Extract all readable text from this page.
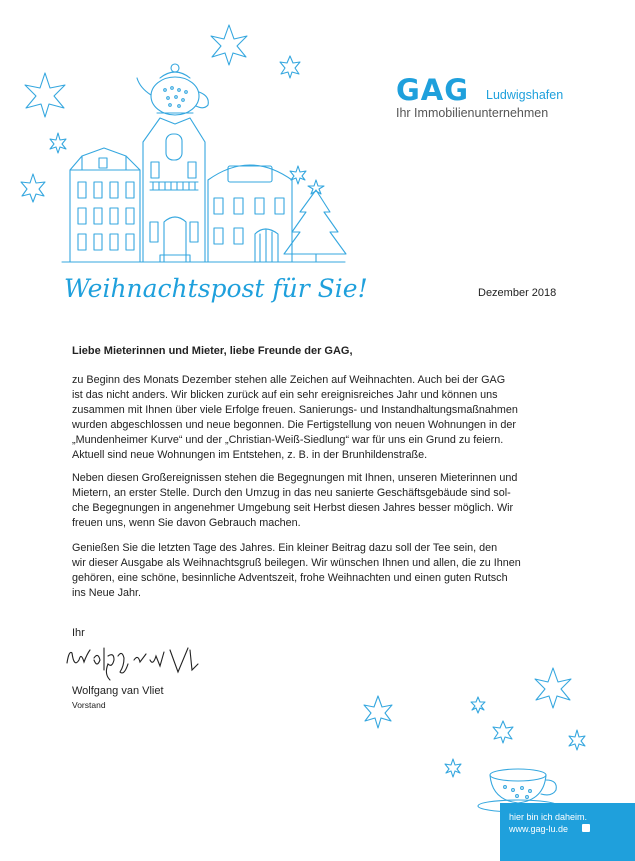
GAG Ludwigshafen
Ihr Immobilienunternehmen
Weihnachtspost für Sie!	Dezember 2018
Liebe Mieterinnen und Mieter, liebe Freunde der GAG,
zu Beginn des Monats Dezember stehen alle Zeichen auf Weihnachten. Auch bei der GAG
ist das nicht anders. Wir blicken zurück auf ein sehr ereignisreiches Jahr und können uns
zusammen mit Ihnen über viele Erfolge freuen. Sanierungs- und Instandhaltungsmaßnahmen
wurden abgeschlossen und neue begonnen. Die Fertigstellung von neuen Wohnungen in der
„Mundenheimer Kurve“ und der „Christian-Weiß-Siedlung“ war für uns ein Grund zu feiern.
Aktuell sind neue Wohnungen im Entstehen, z. B. in der Brunhildenstraße.
Neben diesen Großereignissen stehen die Begegnungen mit Ihnen, unseren Mieterinnen und
Mietern, an erster Stelle. Durch den Umzug in das neu sanierte Geschäftsgebäude sind sol-
che Begegnungen in angenehmer Umgebung seit Herbst diesen Jahres besser möglich. Wir
freuen uns, wenn Sie davon Gebrauch machen.
Genießen Sie die letzten Tage des Jahres. Ein kleiner Beitrag dazu soll der Tee sein, den
wir dieser Ausgabe als Weihnachtsgruß beilegen. Wir wünschen Ihnen und allen, die zu Ihnen
gehören, eine schöne, besinnliche Adventszeit, frohe Weihnachten und einen guten Rutsch
ins Neue Jahr.
Ihr
Wolfgang van Vliet
Vorstand
hier bin ich daheim.
www.gag-lu.de
